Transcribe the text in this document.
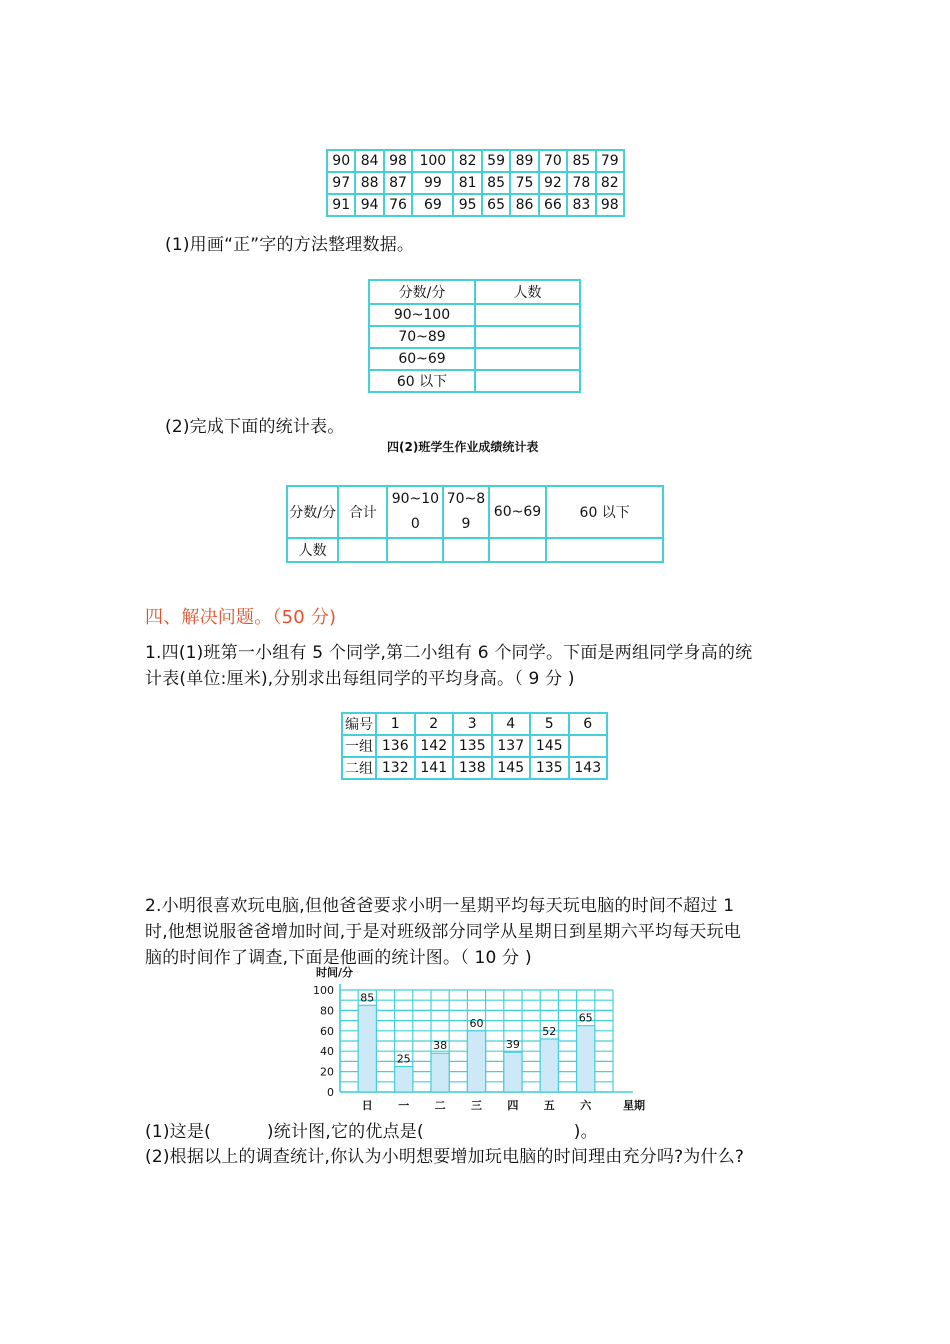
90	84	98	100	82	59	89	70	85	79
97	88	87	99	81	85	75	92	78	82
91	94	76	69	95	65	86	66	83	98
(1)用画“正”字的方法整理数据。
分数/分	人数
90~100	
70~89	
60~69	
60 以下	
(2)完成下面的统计表。
四(2)班学生作业成绩统计表
分数/分	合计	90~100	70~89	60~69	60 以下
人数					
四、解决问题。（50 分)
1.四(1)班第一小组有 5 个同学,第二小组有 6 个同学。下面是两组同学身高的统
计表(单位:厘米),分别求出每组同学的平均身高。（ 9 分 )
编号	1	2	3	4	5	6
一组	136	142	135	137	145	
二组	132	141	138	145	135	143
2.小明很喜欢玩电脑,但他爸爸要求小明一星期平均每天玩电脑的时间不超过 1
时,他想说服爸爸增加时间,于是对班级部分同学从星期日到星期六平均每天玩电
脑的时间作了调查,下面是他画的统计图。（ 10 分 )
0
20
40
60
80
100
时间/分
85
日
25
一
38
二
60
三
39
四
52
五
65
六	星期
(1)这是(	)统计图,它的优点是(	)。
(2)根据以上的调查统计,你认为小明想要增加玩电脑的时间理由充分吗?为什么?
